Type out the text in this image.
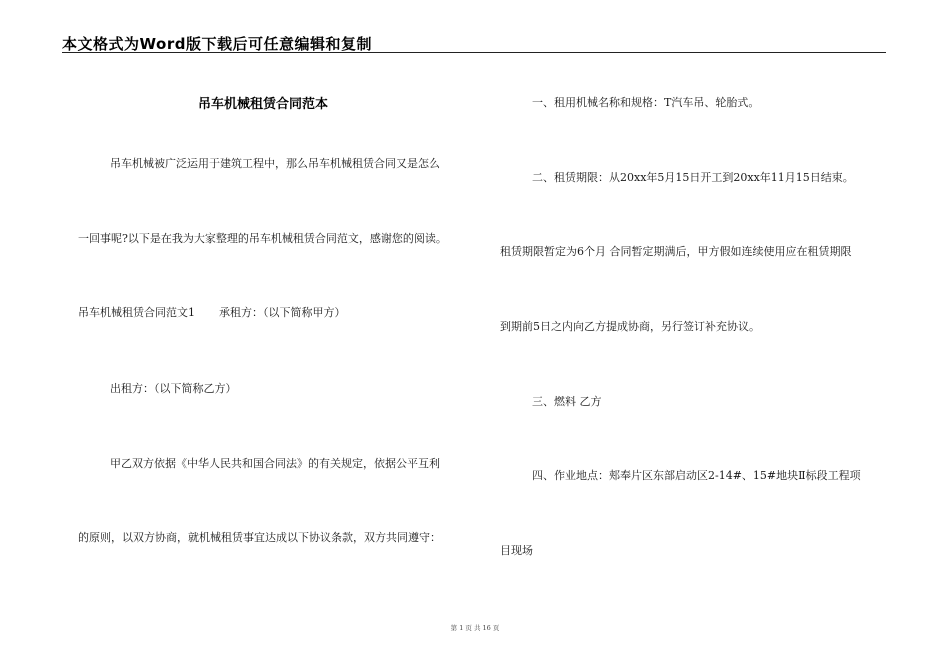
本文格式为Word版下载后可任意编辑和复制
吊车机械租赁合同范本
吊车机械被广泛运用于建筑工程中，那么吊车机械租赁合同又是怎么
一回事呢?以下是在我为大家整理的吊车机械租赁合同范文，感谢您的阅读。
吊车机械租赁合同范文1 承租方：（以下简称甲方）
出租方：（以下简称乙方）
甲乙双方依据《中华人民共和国合同法》的有关规定，依据公平互利
的原则，以双方协商，就机械租赁事宜达成以下协议条款，双方共同遵守：
一、租用机械名称和规格：T汽车吊、轮胎式。
二、租赁期限：从20xx年5月15日开工到20xx年11月15日结束。
租赁期限暂定为6个月 合同暂定期满后，甲方假如连续使用应在租赁期限
到期前5日之内向乙方提成协商，另行签订补充协议。
三、燃料 乙方
四、作业地点：郏奉片区东部启动区2-14#、15#地块Ⅱ标段工程项
目现场
第 1 页 共 16 页
